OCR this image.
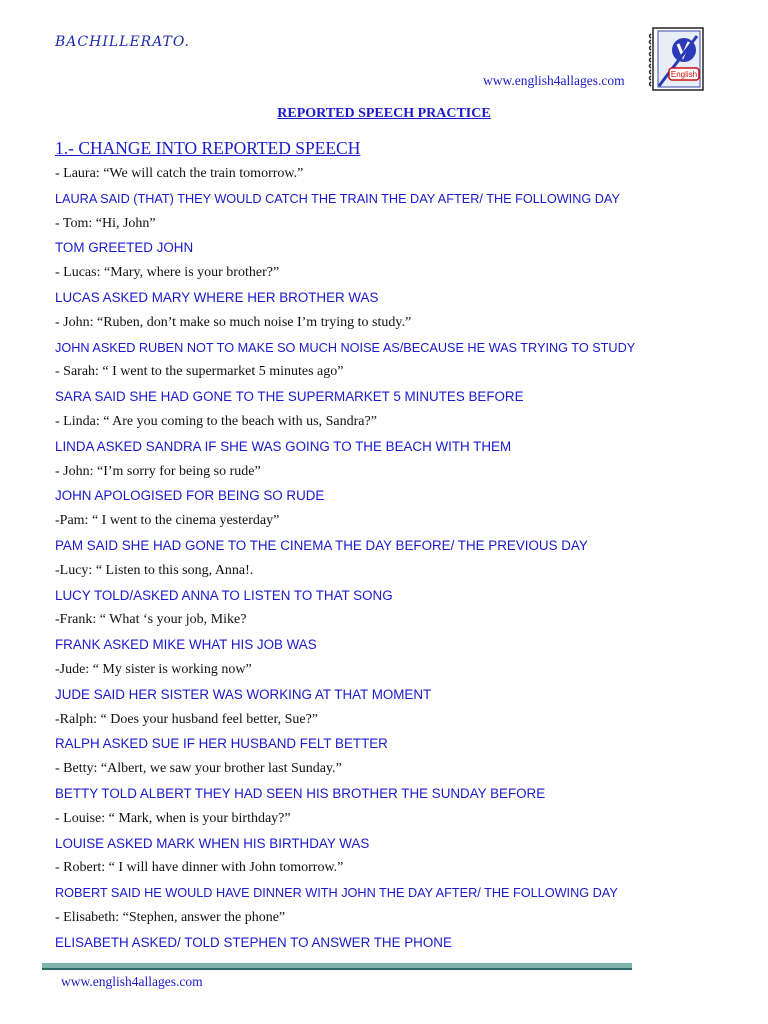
BACHILLERATO.
www.english4allages.com	English
REPORTED SPEECH PRACTICE
1.- CHANGE INTO REPORTED SPEECH
- Laura: “We will catch the train tomorrow.”
LAURA SAID (THAT) THEY WOULD CATCH THE TRAIN THE DAY AFTER/ THE FOLLOWING DAY
- Tom: “Hi, John”
TOM GREETED JOHN
- Lucas: “Mary, where is your brother?”
LUCAS ASKED MARY WHERE HER BROTHER WAS
- John: “Ruben, don’t make so much noise I’m trying to study.”
JOHN ASKED RUBEN NOT TO MAKE SO MUCH NOISE AS/BECAUSE HE WAS TRYING TO STUDY
- Sarah: “ I went to the supermarket 5 minutes ago”
SARA SAID SHE HAD GONE TO THE SUPERMARKET 5 MINUTES BEFORE
- Linda: “ Are you coming to the beach with us, Sandra?”
LINDA ASKED SANDRA IF SHE WAS GOING TO THE BEACH WITH THEM
- John: “I’m sorry for being so rude”
JOHN APOLOGISED FOR BEING SO RUDE
-Pam: “ I went to the cinema yesterday”
PAM SAID SHE HAD GONE TO THE CINEMA THE DAY BEFORE/ THE PREVIOUS DAY
-Lucy: “ Listen to this song, Anna!.
LUCY TOLD/ASKED ANNA TO LISTEN TO THAT SONG
-Frank: “ What ‘s your job, Mike?
FRANK ASKED MIKE WHAT HIS JOB WAS
-Jude: “ My sister is working now”
JUDE SAID HER SISTER WAS WORKING AT THAT MOMENT
-Ralph: “ Does your husband feel better, Sue?”
RALPH ASKED SUE IF HER HUSBAND FELT BETTER
- Betty: “Albert, we saw your brother last Sunday.”
BETTY TOLD ALBERT THEY HAD SEEN HIS BROTHER THE SUNDAY BEFORE
- Louise: “ Mark, when is your birthday?”
LOUISE ASKED MARK WHEN HIS BIRTHDAY WAS
- Robert: “ I will have dinner with John tomorrow.”
ROBERT SAID HE WOULD HAVE DINNER WITH JOHN THE DAY AFTER/ THE FOLLOWING DAY
- Elisabeth: “Stephen, answer the phone”
ELISABETH ASKED/ TOLD STEPHEN TO ANSWER THE PHONE
www.english4allages.com
